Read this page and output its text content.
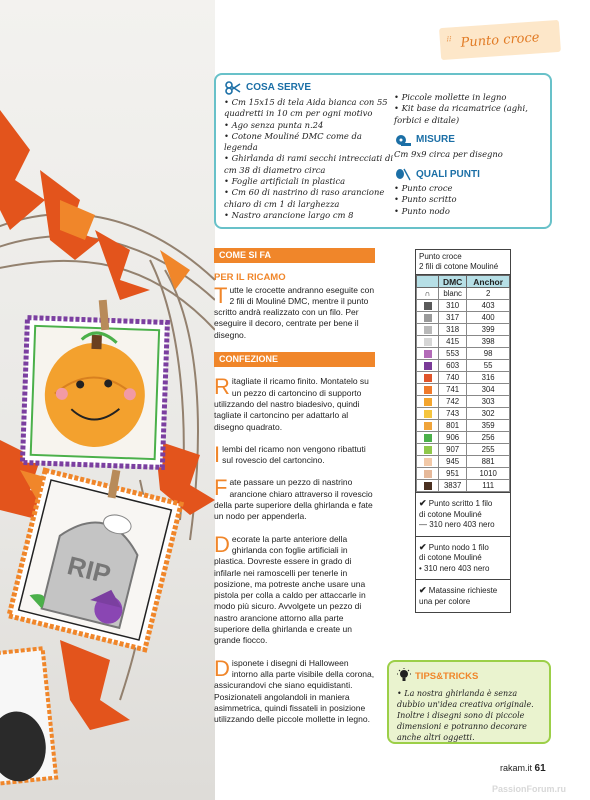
RIP
⁝⁝ Punto croce
COSA SERVE
• Cm 15x15 di tela Aida bianca con 55 quadretti in 10 cm per ogni motivo
• Ago senza punta n.24
• Cotone Mouliné DMC come da legenda
• Ghirlanda di rami secchi intrecciati di cm 38 di diametro circa
• Foglie artificiali in plastica
• Cm 60 di nastrino di raso arancione chiaro di cm 1 di larghezza
• Nastro arancione largo cm 8
• Piccole mollette in legno
• Kit base da ricamatrice (aghi, forbici e ditale)
MISURE
Cm 9x9 circa per disegno
QUALI PUNTI
• Punto croce
• Punto scritto
• Punto nodo
COME SI FA
PER IL RICAMO
T utte le crocette andranno eseguite con 2 fili di Mouliné DMC, mentre il punto scritto andrà realizzato con un filo. Per eseguire il decoro, centrate per bene il disegno.
CONFEZIONE
R itagliate il ricamo finito. Montatelo su un pezzo di cartoncino di supporto utilizzando del nastro biadesivo, quindi tagliate il cartoncino per adattarlo al disegno quadrato.
I lembi del ricamo non vengono ribattuti sul rovescio del cartoncino.
F ate passare un pezzo di nastrino arancione chiaro attraverso il rovescio della parte superiore della ghirlanda e fate un nodo per appenderla.
D ecorate la parte anteriore della ghirlanda con foglie artificiali in plastica. Dovreste essere in grado di infilarle nei ramoscelli per tenerle in posizione, ma potreste anche usare una pistola per colla a caldo per attaccarle in modo più sicuro. Avvolgete un pezzo di nastro arancione attorno alla parte superiore della ghirlanda e create un grande fiocco.
D isponete i disegni di Halloween intorno alla parte visibile della corona, assicurandovi che siano equidistanti. Posizionateli angolandoli in maniera asimmetrica, quindi fissateli in posizione utilizzando delle piccole mollette in legno.
Punto croce
2 fili di cotone Mouliné
	DMC	Anchor
∩	blanc	2
	310	403
	317	400
	318	399
	415	398
	553	98
	603	55
	740	316
	741	304
	742	303
	743	302
	801	359
	906	256
	907	255
	945	881
	951	1010
	3837	111
✔ Punto scritto 1 filo
di cotone Mouliné
— 310 nero 403 nero
✔ Punto nodo 1 filo
di cotone Mouliné
• 310 nero 403 nero
✔ Matassine richieste
una per colore
TIPS&TRICKS
• La nostra ghirlanda è senza dubbio un'idea creativa originale. Inoltre i disegni sono di piccole dimensioni e potranno decorare anche altri oggetti.
rakam.it 61
PassionForum.ru
